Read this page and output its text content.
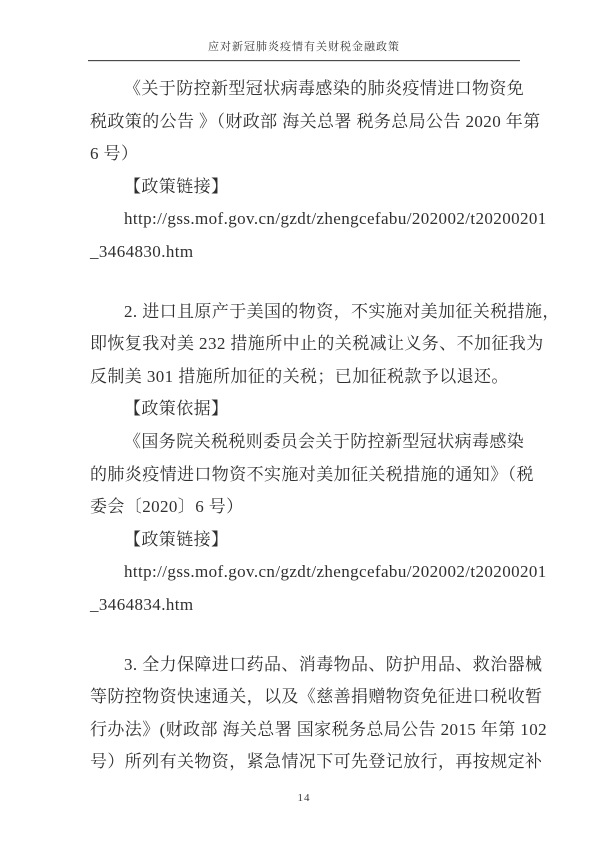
应对新冠肺炎疫情有关财税金融政策
《关于防控新型冠状病毒感染的肺炎疫情进口物资免
税政策的公告 》（财政部 海关总署 税务总局公告 2020 年第
6 号）
【政策链接】
http://gss.mof.gov.cn/gzdt/zhengcefabu/202002/t20200201
_3464830.htm
2. 进口且原产于美国的物资，不实施对美加征关税措施，
即恢复我对美 232 措施所中止的关税减让义务、不加征我为
反制美 301 措施所加征的关税；已加征税款予以退还。
【政策依据】
《国务院关税税则委员会关于防控新型冠状病毒感染
的肺炎疫情进口物资不实施对美加征关税措施的通知》（税
委会〔2020〕6 号）
【政策链接】
http://gss.mof.gov.cn/gzdt/zhengcefabu/202002/t20200201
_3464834.htm
3. 全力保障进口药品、消毒物品、防护用品、救治器械
等防控物资快速通关，以及《慈善捐赠物资免征进口税收暂
行办法》(财政部 海关总署 国家税务总局公告 2015 年第 102
号）所列有关物资，紧急情况下可先登记放行，再按规定补
14
